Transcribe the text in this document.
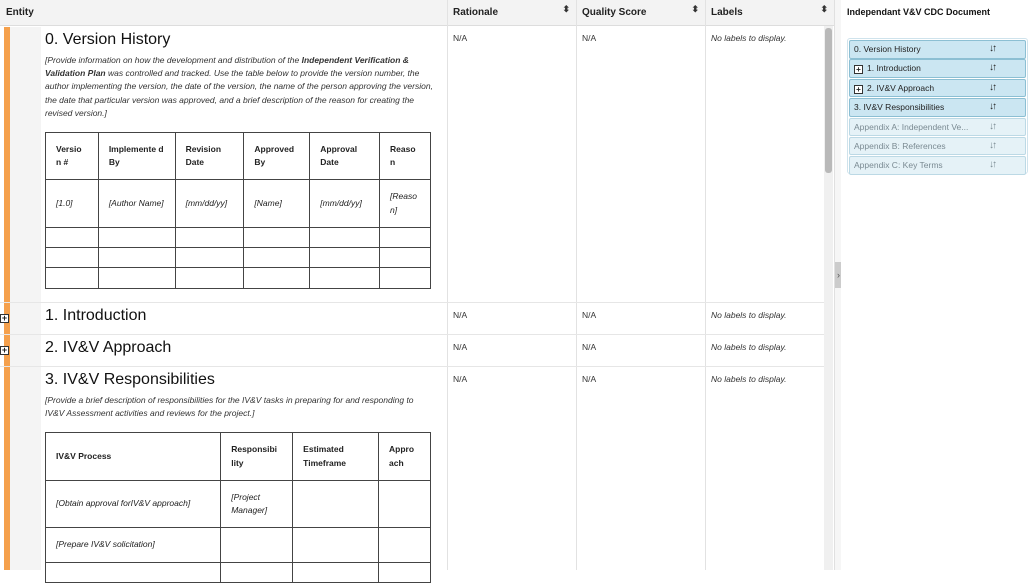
Entity	Rationale	⬍ Quality Score	⬍ Labels	⬍
0. Version History
[Provide information on how the development and distribution of the Independent Verification & Validation Plan was controlled and tracked. Use the table below to provide the version number, the author implementing the version, the date of the version, the name of the person approving the version, the date that particular version was approved, and a brief description of the reason for creating the revised version.]
N/A	N/A	No labels to display.
Versio n #	Implemente d By	Revision Date	Approved By	Approval Date	Reaso n
[1.0]	[Author Name]	[mm/dd/yy]	[Name]	[mm/dd/yy]	[Reaso n]

+ 1. Introduction	N/A	N/A	No labels to display.
+ 2. IV&V Approach	N/A	N/A	No labels to display.
3. IV&V Responsibilities
[Provide a brief description of responsibilities for the IV&V tasks in preparing for and responding to IV&V Assessment activities and reviews for the project.]
N/A	N/A	No labels to display.
IV&V Process	Responsibi lity	Estimated Timeframe	Appro ach
[Obtain approval forIV&V approach]	[Project Manager]		
[Prepare IV&V solicitation]			

›
Independant V&V CDC Document
0. Version History	↓↑
+ 1. Introduction	↓↑
+ 2. IV&V Approach	↓↑
3. IV&V Responsibilities	↓↑
Appendix A: Independent Ve... ↓↑
Appendix B: References	↓↑
Appendix C: Key Terms	↓↑
